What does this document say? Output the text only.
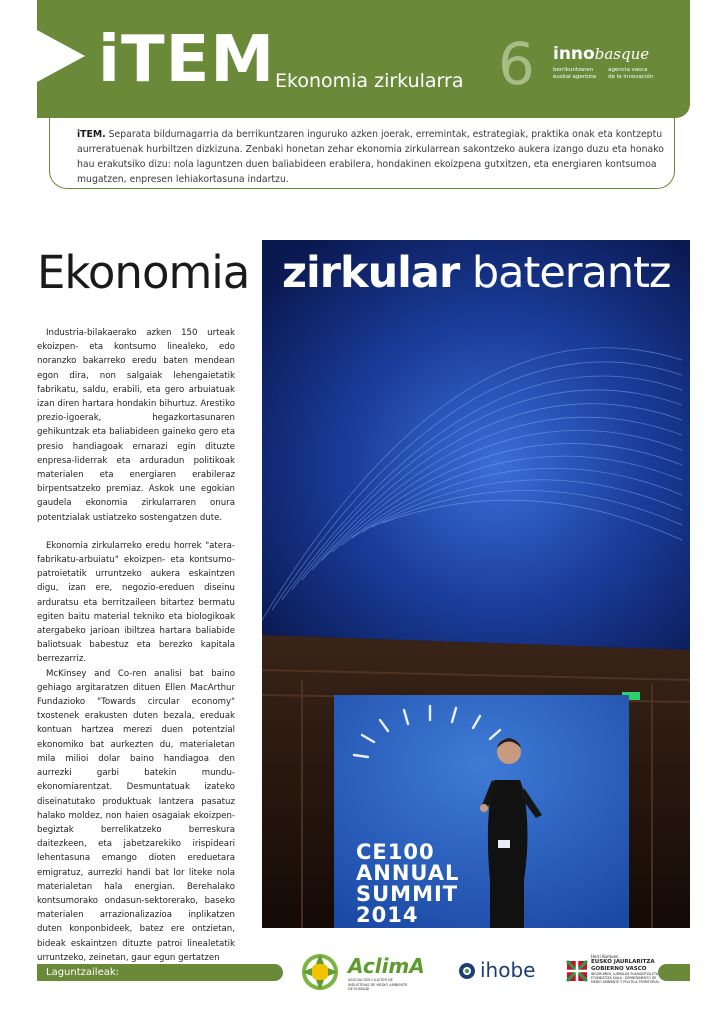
iTEM Ekonomia zirkularra 6 innobasque
berrikuntzaren
euskal agentzia
agencia vasca
de la innovación
iTEM. Separata bildumagarria da berrikuntzaren inguruko azken joerak, erremintak, estrategiak, praktika onak eta kontzeptu aurreratuenak hurbiltzen dizkizuna. Zenbaki honetan zehar ekonomia zirkularrean sakontzeko aukera izango duzu eta honako hau erakutsiko dizu: nola laguntzen duen baliabideen erabilera, hondakinen ekoizpena gutxitzen, eta energiaren kontsumoa mugatzen, enpresen lehiakortasuna indartzu.
Ekonomia
CE100
ANNUAL
SUMMIT
2014
zirkular baterantz

Industria-bilakaerako azken 150 urteak ekoizpen- eta kontsumo linealeko, edo noranzko bakarreko eredu baten mendean egon dira, non salgaiak lehengaietatik fabrikatu, saldu, erabili, eta gero arbuiatuak izan diren hartara hondakin bihurtuz. Arestiko prezio-igoerak, hegazkortasunaren gehikuntzak eta baliabideen gaineko gero eta presio handiagoak ernarazi egin dituzte enpresa-liderrak eta arduradun politikoak materialen eta energiaren erabileraz birpentsatzeko premiaz. Askok une egokian gaudela ekonomia zirkularraren onura potentzialak ustiatzeko sostengatzen dute.

Ekonomia zirkularreko eredu horrek "atera-fabrikatu-arbuiatu" ekoizpen- eta kontsumo-patroietatik urruntzeko aukera eskaintzen digu, izan ere, negozio-ereduen diseinu arduratsu eta berritzaileen bitartez bermatu egiten baitu material tekniko eta biologikoak atergabeko jarioan ibiltzea hartara baliabide baliotsuak babestuz eta berezko kapitala berrezarriz.

McKinsey and Co-ren analisi bat baino gehiago argitaratzen dituen Ellen MacArthur Fundazioko "Towards circular economy" txostenek erakusten duten bezala, ereduak kontuan hartzea merezi duen potentzial ekonomiko bat aurkezten du, materialetan mila milioi dolar baino handiagoa den aurrezki garbi batekin mundu-ekonomiarentzat. Desmuntatuak izateko diseinatutako produktuak lantzera pasatuz halako moldez, non haien osagaiak ekoizpen-begiztak berrelikatzeko berreskura daitezkeen, eta jabetzarekiko irispideari lehentasuna emango dioten ereduetara emigratuz, aurrezki handi bat lor liteke nola materialetan hala energian. Berehalako kontsumorako ondasun-sektorerako, baseko materialen arrazionalizazioa inplikatzen duten konponbideek, batez ere ontzietan, bideak eskaintzen dituzte patroi linealetatik urruntzeko, zeinetan, gaur egun gertatzen

Laguntzaileak:	AclimA
ASOCIACIÓN CLÚSTER DE INDUSTRIAS DE MEDIO AMBIENTE DE EUSKADI
ihobe
Herri Kontuen
EUSKO JAURLARITZA
GOBIERNO VASCO
INGURUMEN, LURRALDE PLANGINTZA ETA ETXEBIZITZA SAILA · DEPARTAMENTO DE MEDIO AMBIENTE Y POLÍTICA TERRITORIAL
